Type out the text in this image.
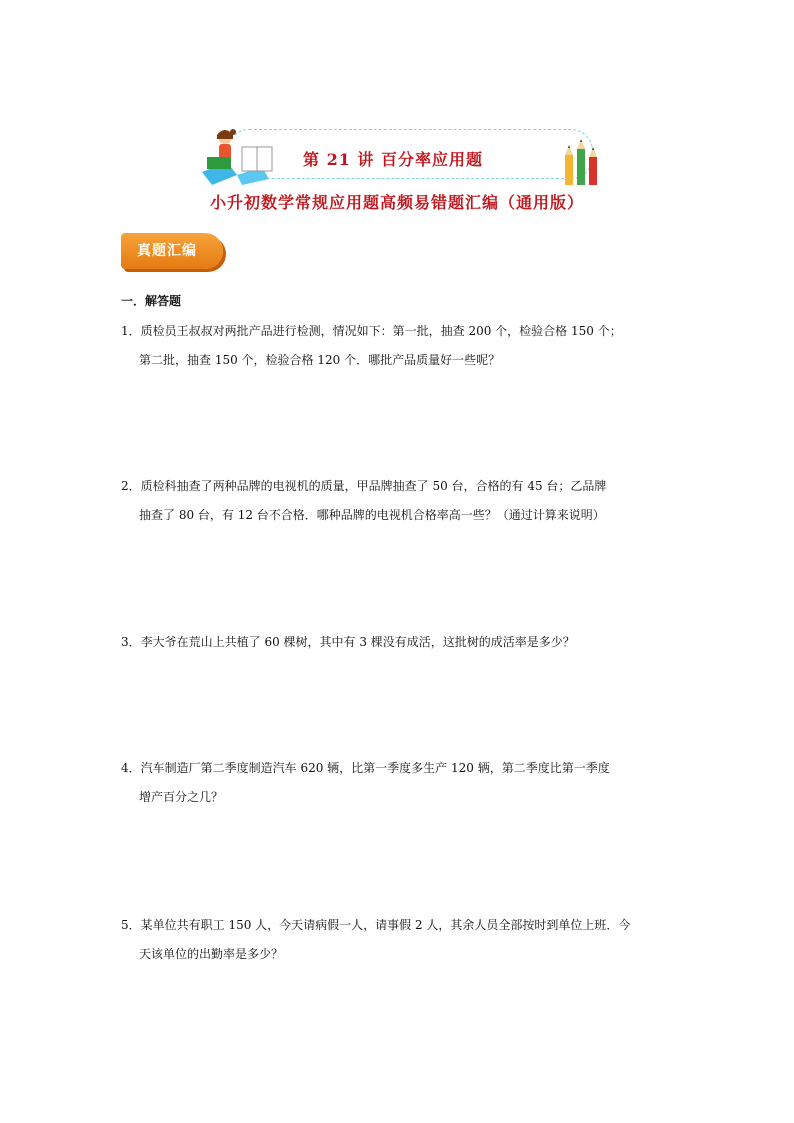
第 21 讲 百分率应用题
小升初数学常规应用题高频易错题汇编（通用版）
真题汇编
一．解答题
1．质检员王叔叔对两批产品进行检测，情况如下：第一批，抽查 200 个，检验合格 150 个；
第二批，抽查 150 个，检验合格 120 个．哪批产品质量好一些呢？
2．质检科抽查了两种品牌的电视机的质量，甲品牌抽查了 50 台，合格的有 45 台；乙品牌
抽查了 80 台，有 12 台不合格．哪种品牌的电视机合格率高一些？（通过计算来说明）
3．李大爷在荒山上共植了 60 棵树，其中有 3 棵没有成活，这批树的成活率是多少？
4．汽车制造厂第二季度制造汽车 620 辆，比第一季度多生产 120 辆，第二季度比第一季度
增产百分之几？
5．某单位共有职工 150 人，今天请病假一人，请事假 2 人，其余人员全部按时到单位上班．今
天该单位的出勤率是多少？
